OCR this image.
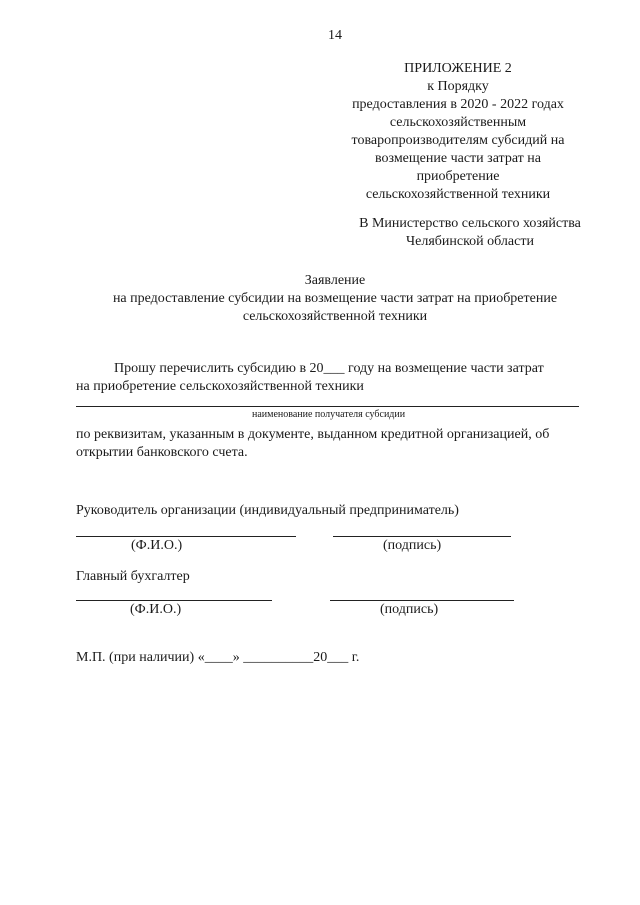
14
ПРИЛОЖЕНИЕ 2
к Порядку
предоставления в 2020 - 2022 годах
сельскохозяйственным
товаропроизводителям субсидий на
возмещение части затрат на
приобретение
сельскохозяйственной техники
В Министерство сельского хозяйства
Челябинской области
Заявление
на предоставление субсидии на возмещение части затрат на приобретение
сельскохозяйственной техники
Прошу перечислить субсидию в 20___ году на возмещение части затрат
на приобретение сельскохозяйственной техники
наименование получателя субсидии
по реквизитам, указанным в документе, выданном кредитной организацией, об
открытии банковского счета.
Руководитель организации (индивидуальный предприниматель)
(Ф.И.О.)	(подпись)
Главный бухгалтер
(Ф.И.О.)	(подпись)
М.П. (при наличии) «____» __________20___ г.
